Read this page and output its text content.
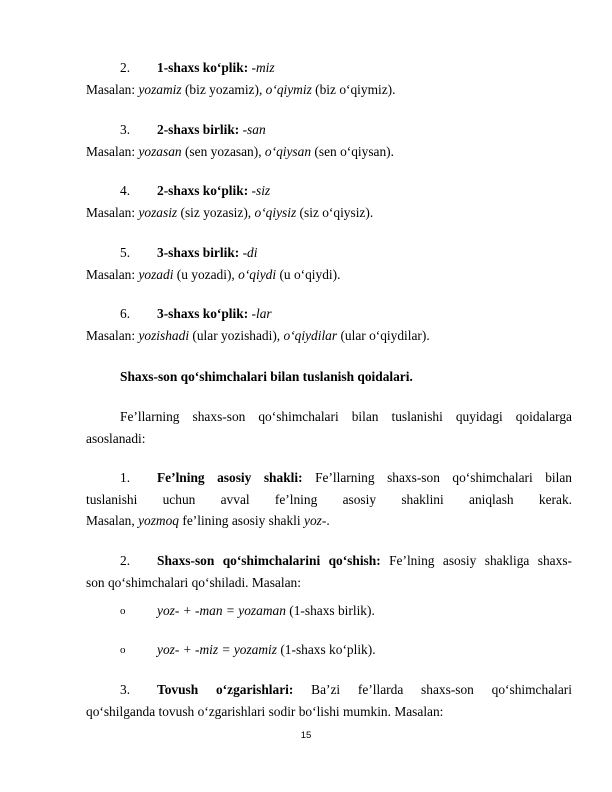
2. 1-shaxs ko‘plik: -miz
Masalan: yozamiz (biz yozamiz), o‘qiymiz (biz o‘qiymiz).
3. 2-shaxs birlik: -san
Masalan: yozasan (sen yozasan), o‘qiysan (sen o‘qiysan).
4. 2-shaxs ko‘plik: -siz
Masalan: yozasiz (siz yozasiz), o‘qiysiz (siz o‘qiysiz).
5. 3-shaxs birlik: -di
Masalan: yozadi (u yozadi), o‘qiydi (u o‘qiydi).
6. 3-shaxs ko‘plik: -lar
Masalan: yozishadi (ular yozishadi), o‘qiydilar (ular o‘qiydilar).
Shaxs-son qo‘shimchalari bilan tuslanish qoidalari.
Fe’llarning shaxs-son qo‘shimchalari bilan tuslanishi quyidagi qoidalarga
asoslanadi:
1. Fe’lning asosiy shakli: Fe’llarning shaxs-son qo‘shimchalari bilan
tuslanishi uchun avval fe’lning asosiy shaklini aniqlash kerak.
Masalan, yozmoq fe’lining asosiy shakli yoz-.
2. Shaxs-son qo‘shimchalarini qo‘shish: Fe’lning asosiy shakliga shaxs-
son qo‘shimchalari qo‘shiladi. Masalan:
o yoz- + -man = yozaman (1-shaxs birlik).
o yoz- + -miz = yozamiz (1-shaxs ko‘plik).
3. Tovush o‘zgarishlari: Ba’zi fe’llarda shaxs-son qo‘shimchalari
qo‘shilganda tovush o‘zgarishlari sodir bo‘lishi mumkin. Masalan:
15
